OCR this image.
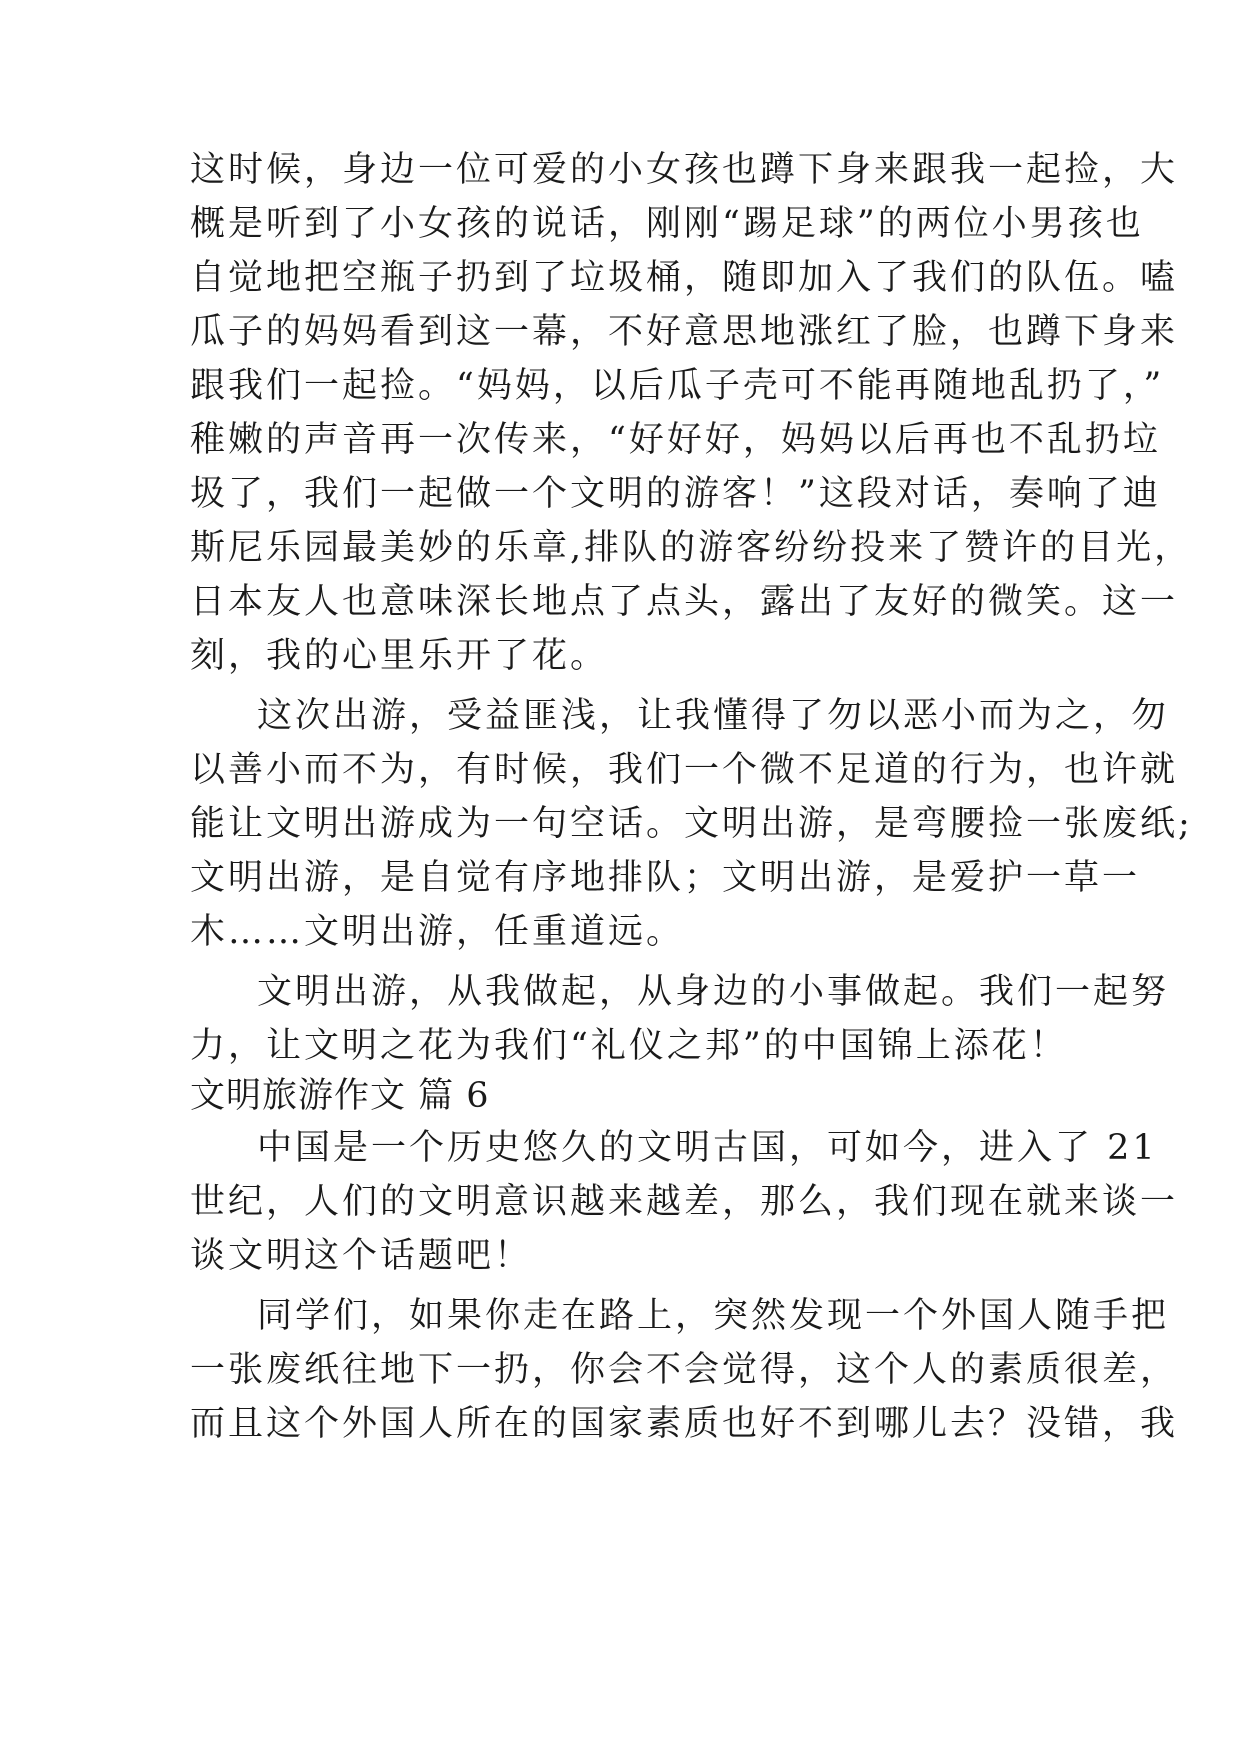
这时候，身边一位可爱的小女孩也蹲下身来跟我一起捡，大

概是听到了小女孩的说话，刚刚“踢足球”的两位小男孩也

自觉地把空瓶子扔到了垃圾桶，随即加入了我们的队伍。嗑

瓜子的妈妈看到这一幕，不好意思地涨红了脸，也蹲下身来

跟我们一起捡。“妈妈，以后瓜子壳可不能再随地乱扔了，”

稚嫩的声音再一次传来，“好好好，妈妈以后再也不乱扔垃

圾了，我们一起做一个文明的游客！”这段对话，奏响了迪

斯尼乐园最美妙的乐章,排队的游客纷纷投来了赞许的目光，

日本友人也意味深长地点了点头，露出了友好的微笑。这一

刻，我的心里乐开了花。

这次出游，受益匪浅，让我懂得了勿以恶小而为之，勿

以善小而不为，有时候，我们一个微不足道的行为，也许就

能让文明出游成为一句空话。文明出游，是弯腰捡一张废纸;

文明出游，是自觉有序地排队；文明出游，是爱护一草一

木……文明出游，任重道远。

文明出游，从我做起，从身边的小事做起。我们一起努

力，让文明之花为我们“礼仪之邦”的中国锦上添花！

文明旅游作文 篇 6

中国是一个历史悠久的文明古国，可如今，进入了 21

世纪，人们的文明意识越来越差，那么，我们现在就来谈一

谈文明这个话题吧！

同学们，如果你走在路上，突然发现一个外国人随手把

一张废纸往地下一扔，你会不会觉得，这个人的素质很差，

而且这个外国人所在的国家素质也好不到哪儿去？没错，我
